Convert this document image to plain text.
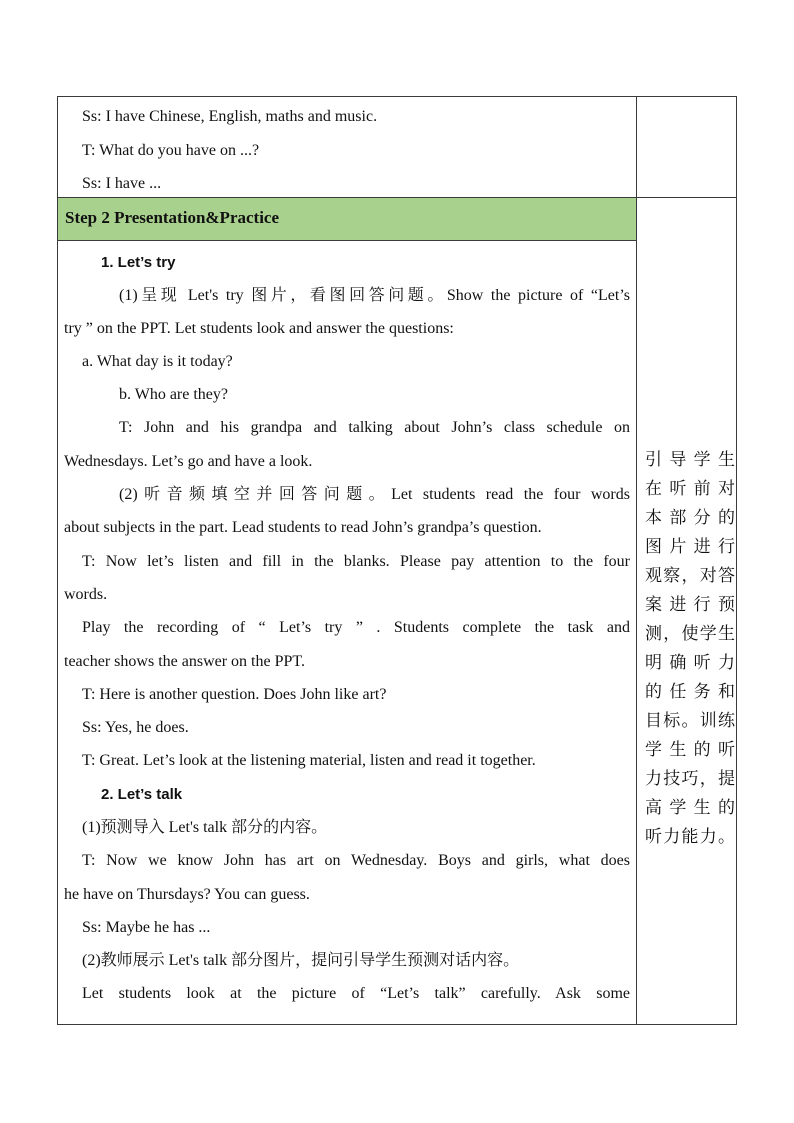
Ss: I have Chinese, English, maths and music.
T: What do you have on ...?
Ss: I have ...
Step 2 Presentation&Practice
1. Let’s try
(1)呈现 Let's try 图片，看图回答问题。Show the picture of “Let’s
try ” on the PPT. Let students look and answer the questions:
a. What day is it today?
b. Who are they?
T: John and his grandpa and talking about John’s class schedule on
Wednesdays. Let’s go and have a look.
(2)听音频填空并回答问题。Let students read the four words
about subjects in the part. Lead students to read John’s grandpa’s question.
T: Now let’s listen and fill in the blanks. Please pay attention to the four
words.
Play the recording of “ Let’s try ” . Students complete the task and
teacher shows the answer on the PPT.
T: Here is another question. Does John like art?
Ss: Yes, he does.
T: Great. Let’s look at the listening material, listen and read it together.
2. Let’s talk
(1)预测导入 Let's talk 部分的内容。
T: Now we know John has art on Wednesday. Boys and girls, what does
he have on Thursdays? You can guess.
Ss: Maybe he has ...
(2)教师展示 Let's talk 部分图片，提问引导学生预测对话内容。
Let students look at the picture of “Let’s talk” carefully. Ask some
引导学生
在听前对
本部分的
图片进行
观察，对答
案进行预
测，使学生
明确听力
的任务和
目标。训练
学生的听
力技巧，提
高学生的
听力能力。
